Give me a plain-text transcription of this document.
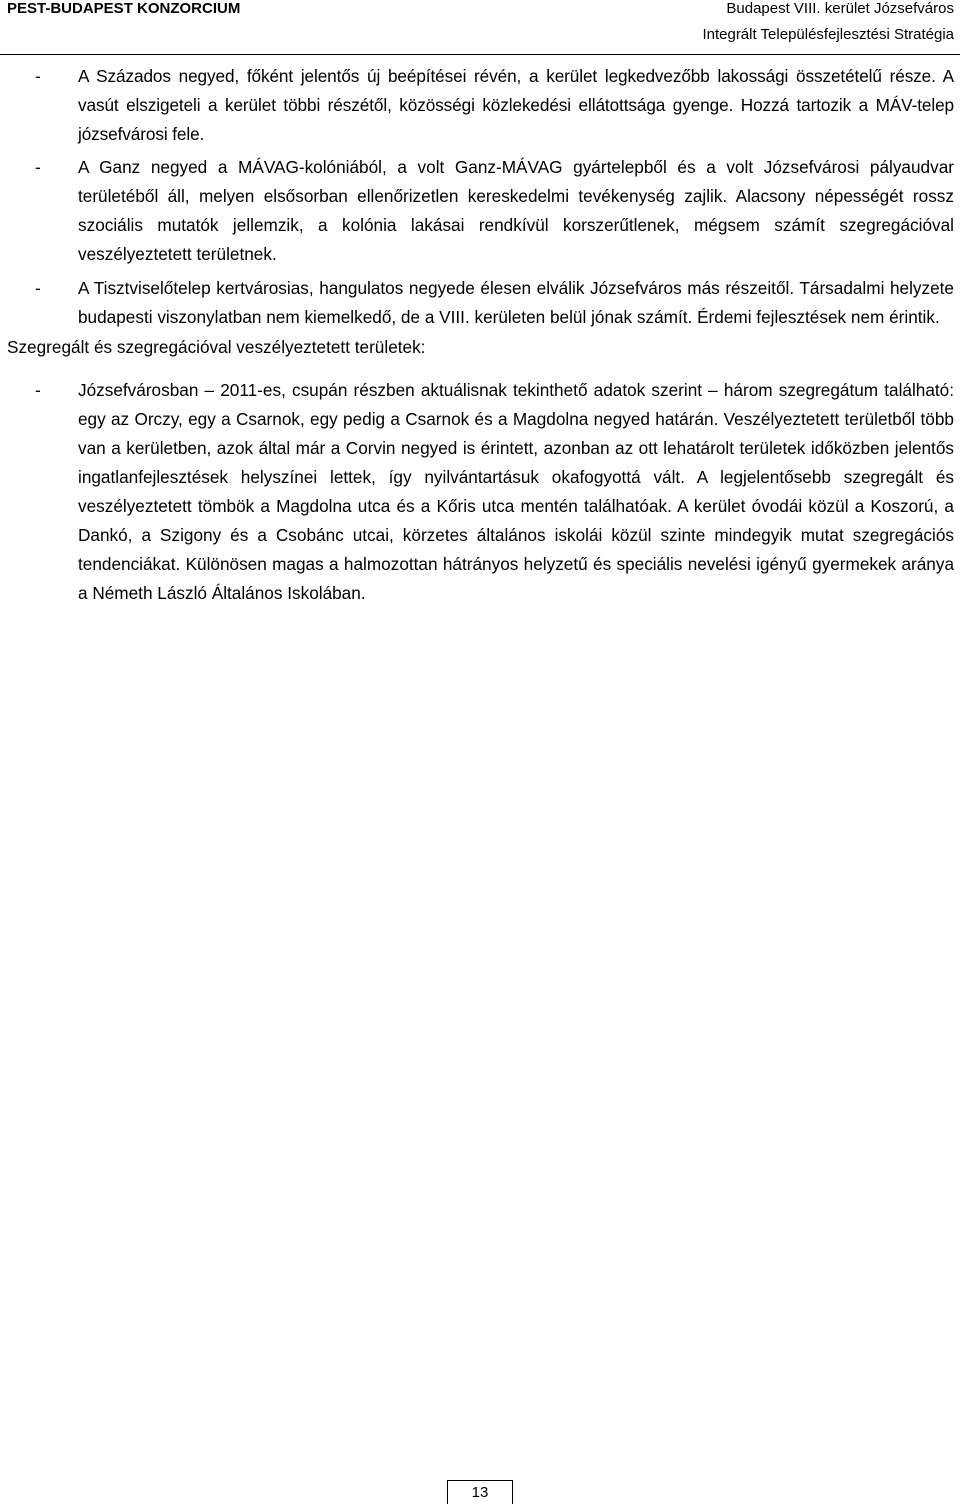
PEST-BUDAPEST KONZORCIUM	Budapest VIII. kerület Józsefváros
Integrált Településfejlesztési Stratégia
- A Százados negyed, főként jelentős új beépítései révén, a kerület legkedvezőbb lakossági összetételű része. A vasút elszigeteli a kerület többi részétől, közösségi közlekedési ellátottsága gyenge. Hozzá tartozik a MÁV-telep józsefvárosi fele.
- A Ganz negyed a MÁVAG-kolóniából, a volt Ganz-MÁVAG gyártelepből és a volt Józsefvárosi pályaudvar területéből áll, melyen elsősorban ellenőrizetlen kereskedelmi tevékenység zajlik. Alacsony népességét rossz szociális mutatók jellemzik, a kolónia lakásai rendkívül korszerűtlenek, mégsem számít szegregációval veszélyeztetett területnek.
- A Tisztviselőtelep kertvárosias, hangulatos negyede élesen elválik Józsefváros más részeitől. Társadalmi helyzete budapesti viszonylatban nem kiemelkedő, de a VIII. kerületen belül jónak számít. Érdemi fejlesztések nem érintik.
Szegregált és szegregációval veszélyeztetett területek:
- Józsefvárosban – 2011-es, csupán részben aktuálisnak tekinthető adatok szerint – három szegregátum található: egy az Orczy, egy a Csarnok, egy pedig a Csarnok és a Magdolna negyed határán. Veszélyeztetett területből több van a kerületben, azok által már a Corvin negyed is érintett, azonban az ott lehatárolt területek időközben jelentős ingatlanfejlesztések helyszínei lettek, így nyilvántartásuk okafogyottá vált. A legjelentősebb szegregált és veszélyeztetett tömbök a Magdolna utca és a Kőris utca mentén találhatóak. A kerület óvodái közül a Koszorú, a Dankó, a Szigony és a Csobánc utcai, körzetes általános iskolái közül szinte mindegyik mutat szegregációs tendenciákat. Különösen magas a halmozottan hátrányos helyzetű és speciális nevelési igényű gyermekek aránya a Németh László Általános Iskolában.
13
